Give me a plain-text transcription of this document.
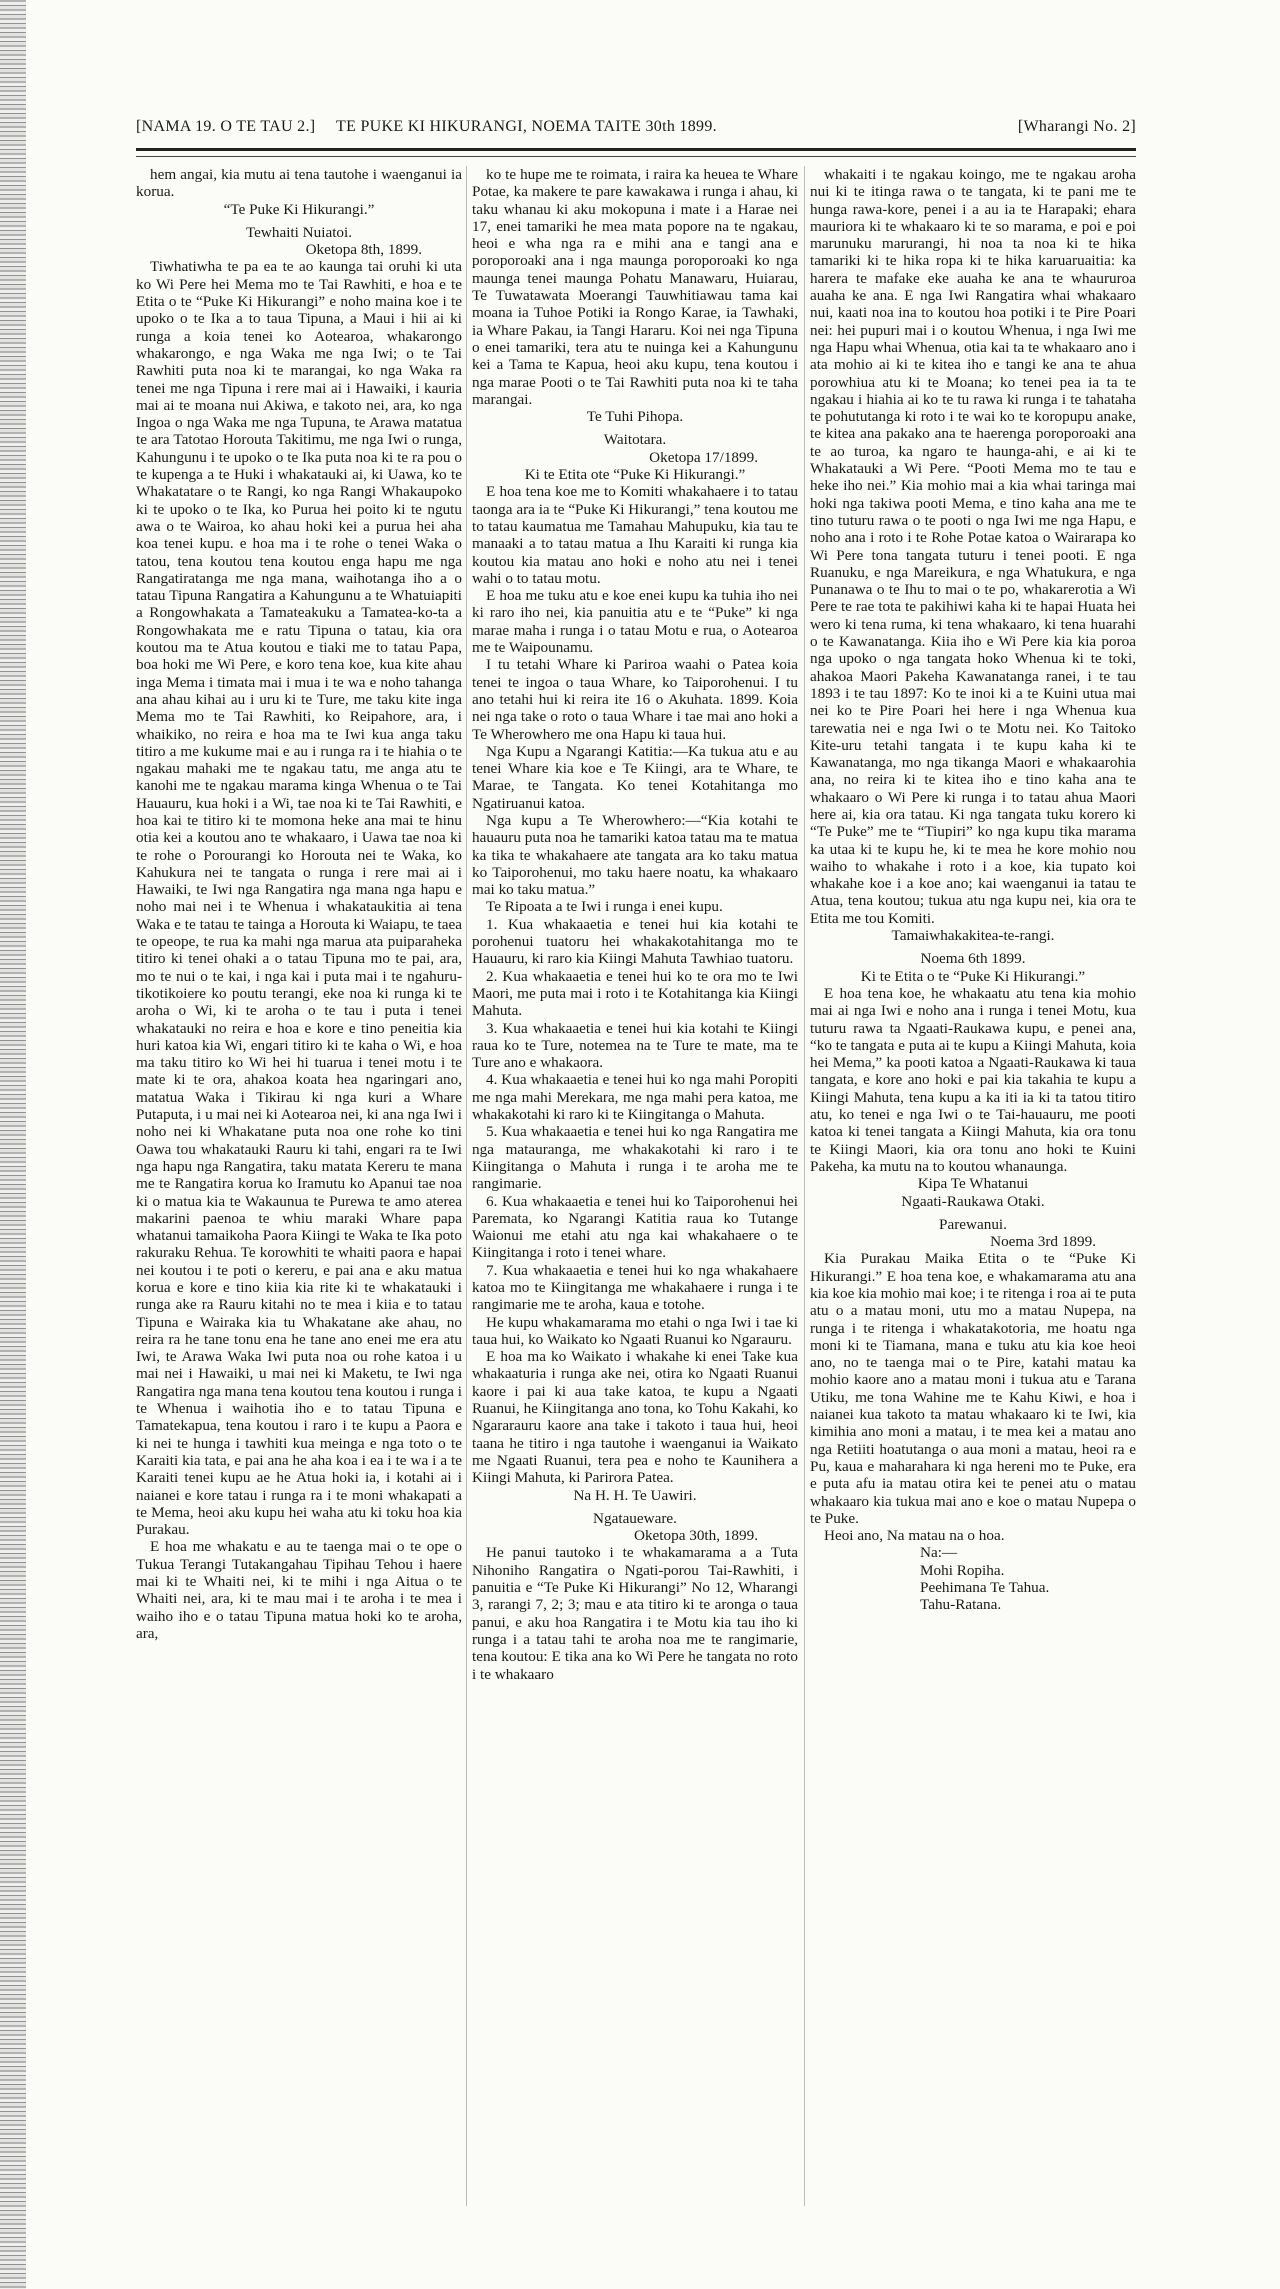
[NAMA 19. O TE TAU 2.] TE PUKE KI HIKURANGI, NOEMA TAITE 30th 1899.	[Wharangi No. 2]

hem angai, kia mutu ai tena tautohe i waenganui ia korua.

“Te Puke Ki Hikurangi.”

Tewhaiti Nuiatoi.

Oketopa 8th, 1899.

Tiwhatiwha te pa ea te ao kaunga tai oruhi ki uta ko Wi Pere hei Mema mo te Tai Rawhiti, e hoa e te Etita o te “Puke Ki Hikurangi” e noho maina koe i te upoko o te Ika a to taua Tipuna, a Maui i hii ai ki runga a koia tenei ko Aotearoa, whakarongo whakarongo, e nga Waka me nga Iwi; o te Tai Rawhiti puta noa ki te marangai, ko nga Waka ra tenei me nga Tipuna i rere mai ai i Hawaiki, i kauria mai ai te moana nui Akiwa, e takoto nei, ara, ko nga Ingoa o nga Waka me nga Tupuna, te Arawa matatua te ara Tatotao Horouta Takitimu, me nga Iwi o runga, Kahungunu i te upoko o te Ika puta noa ki te ra pou o te kupenga a te Huki i whakatauki ai, ki Uawa, ko te Whakatatare o te Rangi, ko nga Rangi Whakaupoko ki te upoko o te Ika, ko Purua hei poito ki te ngutu awa o te Wairoa, ko ahau hoki kei a purua hei aha koa tenei kupu. e hoa ma i te rohe o tenei Waka o tatou, tena koutou tena koutou enga hapu me nga Rangatiratanga me nga mana, waihotanga iho a o tatau Tipuna Rangatira a Kahungunu a te Whatuiapiti a Rongowhakata a Tamateakuku a Tamatea-ko-ta a Rongowhakata me e ratu Tipuna o tatau, kia ora koutou ma te Atua koutou e tiaki me to tatau Papa, boa hoki me Wi Pere, e koro tena koe, kua kite ahau inga Mema i timata mai i mua i te wa e noho tahanga ana ahau kihai au i uru ki te Ture, me taku kite inga Mema mo te Tai Rawhiti, ko Reipahore, ara, i whaikiko, no reira e hoa ma te Iwi kua anga taku titiro a me kukume mai e au i runga ra i te hiahia o te ngakau mahaki me te ngakau tatu, me anga atu te kanohi me te ngakau marama kinga Whenua o te Tai Hauauru, kua hoki i a Wi, tae noa ki te Tai Rawhiti, e hoa kai te titiro ki te momona heke ana mai te hinu otia kei a koutou ano te whakaaro, i Uawa tae noa ki te rohe o Porourangi ko Horouta nei te Waka, ko Kahukura nei te tangata o runga i rere mai ai i Hawaiki, te Iwi nga Rangatira nga mana nga hapu e noho mai nei i te Whenua i whakataukitia ai tena Waka e te tatau te tainga a Horouta ki Waiapu, te taea te opeope, te rua ka mahi nga marua ata puiparaheka titiro ki tenei ohaki a o tatau Tipuna mo te pai, ara, mo te nui o te kai, i nga kai i puta mai i te ngahuru-tikotikoiere ko poutu terangi, eke noa ki runga ki te aroha o Wi, ki te aroha o te tau i puta i tenei whakatauki no reira e hoa e kore e tino peneitia kia huri katoa kia Wi, engari titiro ki te kaha o Wi, e hoa ma taku titiro ko Wi hei hi tuarua i tenei motu i te mate ki te ora, ahakoa koata hea ngaringari ano, matatua Waka i Tikirau ki nga kuri a Whare Putaputa, i u mai nei ki Aotearoa nei, ki ana nga Iwi i noho nei ki Whakatane puta noa one rohe ko tini Oawa tou whakatauki Rauru ki tahi, engari ra te Iwi nga hapu nga Rangatira, taku matata Kereru te mana me te Rangatira korua ko Iramutu ko Apanui tae noa ki o matua kia te Wakaunua te Purewa te amo aterea makarini paenoa te whiu maraki Whare papa whatanui tamaikoha Paora Kiingi te Waka te Ika poto rakuraku Rehua. Te korowhiti te whaiti paora e hapai nei koutou i te poti o kereru, e pai ana e aku matua korua e kore e tino kiia kia rite ki te whakatauki i runga ake ra Rauru kitahi no te mea i kiia e to tatau Tipuna e Wairaka kia tu Whakatane ake ahau, no reira ra he tane tonu ena he tane ano enei me era atu Iwi, te Arawa Waka Iwi puta noa ou rohe katoa i u mai nei i Hawaiki, u mai nei ki Maketu, te Iwi nga Rangatira nga mana tena koutou tena koutou i runga i te Whenua i waihotia iho e to tatau Tipuna e Tamatekapua, tena koutou i raro i te kupu a Paora e ki nei te hunga i tawhiti kua meinga e nga toto o te Karaiti kia tata, e pai ana he aha koa i ea i te wa i a te Karaiti tenei kupu ae he Atua hoki ia, i kotahi ai i naianei e kore tatau i runga ra i te moni whakapati a te Mema, heoi aku kupu hei waha atu ki toku hoa kia Purakau.

E hoa me whakatu e au te taenga mai o te ope o Tukua Terangi Tutakangahau Tipihau Tehou i haere mai ki te Whaiti nei, ki te mihi i nga Aitua o te Whaiti nei, ara, ki te mau mai i te aroha i te mea i waiho iho e o tatau Tipuna matua hoki ko te aroha, ara,

ko te hupe me te roimata, i raira ka heuea te Whare Potae, ka makere te pare kawakawa i runga i ahau, ki taku whanau ki aku mokopuna i mate i a Harae nei 17, enei tamariki he mea mata popore na te ngakau, heoi e wha nga ra e mihi ana e tangi ana e poroporoaki ana i nga maunga poroporoaki ko nga maunga tenei maunga Pohatu Manawaru, Huiarau, Te Tuwatawata Moerangi Tauwhitiawau tama kai moana ia Tuhoe Potiki ia Rongo Karae, ia Tawhaki, ia Whare Pakau, ia Tangi Hararu. Koi nei nga Tipuna o enei tamariki, tera atu te nuinga kei a Kahungunu kei a Tama te Kapua, heoi aku kupu, tena koutou i nga marae Pooti o te Tai Rawhiti puta noa ki te taha marangai.

Te Tuhi Pihopa.

Waitotara.

Oketopa 17/1899.

Ki te Etita ote “Puke Ki Hikurangi.”

E hoa tena koe me to Komiti whakahaere i to tatau taonga ara ia te “Puke Ki Hikurangi,” tena koutou me to tatau kaumatua me Tamahau Mahupuku, kia tau te manaaki a to tatau matua a Ihu Karaiti ki runga kia koutou kia matau ano hoki e noho atu nei i tenei wahi o to tatau motu.

E hoa me tuku atu e koe enei kupu ka tuhia iho nei ki raro iho nei, kia panuitia atu e te “Puke” ki nga marae maha i runga i o tatau Motu e rua, o Aotearoa me te Waipounamu.

I tu tetahi Whare ki Pariroa waahi o Patea koia tenei te ingoa o taua Whare, ko Taiporohenui. I tu ano tetahi hui ki reira ite 16 o Akuhata. 1899. Koia nei nga take o roto o taua Whare i tae mai ano hoki a Te Wherowhero me ona Hapu ki taua hui.

Nga Kupu a Ngarangi Katitia:—Ka tukua atu e au tenei Whare kia koe e Te Kiingi, ara te Whare, te Marae, te Tangata. Ko tenei Kotahitanga mo Ngatiruanui katoa.

Nga kupu a Te Wherowhero:—“Kia kotahi te hauauru puta noa he tamariki katoa tatau ma te matua ka tika te whakahaere ate tangata ara ko taku matua ko Taiporohenui, mo taku haere noatu, ka whakaaro mai ko taku matua.”

Te Ripoata a te Iwi i runga i enei kupu.

1. Kua whakaaetia e tenei hui kia kotahi te porohenui tuatoru hei whakakotahitanga mo te Hauauru, ki raro kia Kiingi Mahuta Tawhiao tuatoru.

2. Kua whakaaetia e tenei hui ko te ora mo te Iwi Maori, me puta mai i roto i te Kotahitanga kia Kiingi Mahuta.

3. Kua whakaaetia e tenei hui kia kotahi te Kiingi raua ko te Ture, notemea na te Ture te mate, ma te Ture ano e whakaora.

4. Kua whakaaetia e tenei hui ko nga mahi Poropiti me nga mahi Merekara, me nga mahi pera katoa, me whakakotahi ki raro ki te Kiingitanga o Mahuta.

5. Kua whakaaetia e tenei hui ko nga Rangatira me nga matauranga, me whakakotahi ki raro i te Kiingitanga o Mahuta i runga i te aroha me te rangimarie.

6. Kua whakaaetia e tenei hui ko Taiporohenui hei Paremata, ko Ngarangi Katitia raua ko Tutange Waionui me etahi atu nga kai whakahaere o te Kiingitanga i roto i tenei whare.

7. Kua whakaaetia e tenei hui ko nga whakahaere katoa mo te Kiingitanga me whakahaere i runga i te rangimarie me te aroha, kaua e totohe.

He kupu whakamarama mo etahi o nga Iwi i tae ki taua hui, ko Waikato ko Ngaati Ruanui ko Ngarauru.

E hoa ma ko Waikato i whakahe ki enei Take kua whakaaturia i runga ake nei, otira ko Ngaati Ruanui kaore i pai ki aua take katoa, te kupu a Ngaati Ruanui, he Kiingitanga ano tona, ko Tohu Kakahi, ko Ngararauru kaore ana take i takoto i taua hui, heoi taana he titiro i nga tautohe i waenganui ia Waikato me Ngaati Ruanui, tera pea e noho te Kaunihera a Kiingi Mahuta, ki Parirora Patea.

Na H. H. Te Uawiri.

Ngataueware.

Oketopa 30th, 1899.

He panui tautoko i te whakamarama a a Tuta Nihoniho Rangatira o Ngati-porou Tai-Rawhiti, i panuitia e “Te Puke Ki Hikurangi” No 12, Wharangi 3, rarangi 7, 2; 3; mau e ata titiro ki te aronga o taua panui, e aku hoa Rangatira i te Motu kia tau iho ki runga i a tatau tahi te aroha noa me te rangimarie, tena koutou: E tika ana ko Wi Pere he tangata no roto i te whakaaro

whakaiti i te ngakau koingo, me te ngakau aroha nui ki te itinga rawa o te tangata, ki te pani me te hunga rawa-kore, penei i a au ia te Harapaki; ehara mauriora ki te whakaaro ki te so marama, e poi e poi marunuku marurangi, hi noa ta noa ki te hika tamariki ki te hika ropa ki te hika karuaruaitia: ka harera te mafake eke auaha ke ana te whaururoa auaha ke ana. E nga Iwi Rangatira whai whakaaro nui, kaati noa ina to koutou hoa potiki i te Pire Poari nei: hei pupuri mai i o koutou Whenua, i nga Iwi me nga Hapu whai Whenua, otia kai ta te whakaaro ano i ata mohio ai ki te kitea iho e tangi ke ana te ahua porowhiua atu ki te Moana; ko tenei pea ia ta te ngakau i hiahia ai ko te tu rawa ki runga i te tahataha te pohututanga ki roto i te wai ko te koropupu anake, te kitea ana pakako ana te haerenga poroporoaki ana te ao turoa, ka ngaro te haunga-ahi, e ai ki te Whakatauki a Wi Pere. “Pooti Mema mo te tau e heke iho nei.” Kia mohio mai a kia whai taringa mai hoki nga takiwa pooti Mema, e tino kaha ana me te tino tuturu rawa o te pooti o nga Iwi me nga Hapu, e noho ana i roto i te Rohe Potae katoa o Wairarapa ko Wi Pere tona tangata tuturu i tenei pooti. E nga Ruanuku, e nga Mareikura, e nga Whatukura, e nga Punanawa o te Ihu to mai o te po, whakarerotia a Wi Pere te rae tota te pakihiwi kaha ki te hapai Huata hei wero ki tena ruma, ki tena whakaaro, ki tena huarahi o te Kawanatanga. Kiia iho e Wi Pere kia kia poroa nga upoko o nga tangata hoko Whenua ki te toki, ahakoa Maori Pakeha Kawanatanga ranei, i te tau 1893 i te tau 1897: Ko te inoi ki a te Kuini utua mai nei ko te Pire Poari hei here i nga Whenua kua tarewatia nei e nga Iwi o te Motu nei. Ko Taitoko Kite-uru tetahi tangata i te kupu kaha ki te Kawanatanga, mo nga tikanga Maori e whakaarohia ana, no reira ki te kitea iho e tino kaha ana te whakaaro o Wi Pere ki runga i to tatau ahua Maori here ai, kia ora tatau. Ki nga tangata tuku korero ki “Te Puke” me te “Tiupiri” ko nga kupu tika marama ka utaa ki te kupu he, ki te mea he kore mohio nou waiho to whakahe i roto i a koe, kia tupato koi whakahe koe i a koe ano; kai waenganui ia tatau te Atua, tena koutou; tukua atu nga kupu nei, kia ora te Etita me tou Komiti.

Tamaiwhakakitea-te-rangi.

Noema 6th 1899.

Ki te Etita o te “Puke Ki Hikurangi.”

E hoa tena koe, he whakaatu atu tena kia mohio mai ai nga Iwi e noho ana i runga i tenei Motu, kua tuturu rawa ta Ngaati-Raukawa kupu, e penei ana, “ko te tangata e puta ai te kupu a Kiingi Mahuta, koia hei Mema,” ka pooti katoa a Ngaati-Raukawa ki taua tangata, e kore ano hoki e pai kia takahia te kupu a Kiingi Mahuta, tena kupu a ka iti ia ki ta tatou titiro atu, ko tenei e nga Iwi o te Tai-hauauru, me pooti katoa ki tenei tangata a Kiingi Mahuta, kia ora tonu te Kiingi Maori, kia ora tonu ano hoki te Kuini Pakeha, ka mutu na to koutou whanaunga.

Kipa Te Whatanui

Ngaati-Raukawa Otaki.

Parewanui.

Noema 3rd 1899.

Kia Purakau Maika Etita o te “Puke Ki Hikurangi.” E hoa tena koe, e whakamarama atu ana kia koe kia mohio mai koe; i te ritenga i roa ai te puta atu o a matau moni, utu mo a matau Nupepa, na runga i te ritenga i whakatakotoria, me hoatu nga moni ki te Tiamana, mana e tuku atu kia koe heoi ano, no te taenga mai o te Pire, katahi matau ka mohio kaore ano a matau moni i tukua atu e Tarana Utiku, me tona Wahine me te Kahu Kiwi, e hoa i naianei kua takoto ta matau whakaaro ki te Iwi, kia kimihia ano moni a matau, i te mea kei a matau ano nga Retiiti hoatutanga o aua moni a matau, heoi ra e Pu, kaua e maharahara ki nga hereni mo te Puke, era e puta afu ia matau otira kei te penei atu o matau whakaaro kia tukua mai ano e koe o matau Nupepa o te Puke.

Heoi ano, Na matau na o hoa.

Na:—

Mohi Ropiha.

Peehimana Te Tahua.

Tahu-Ratana.
